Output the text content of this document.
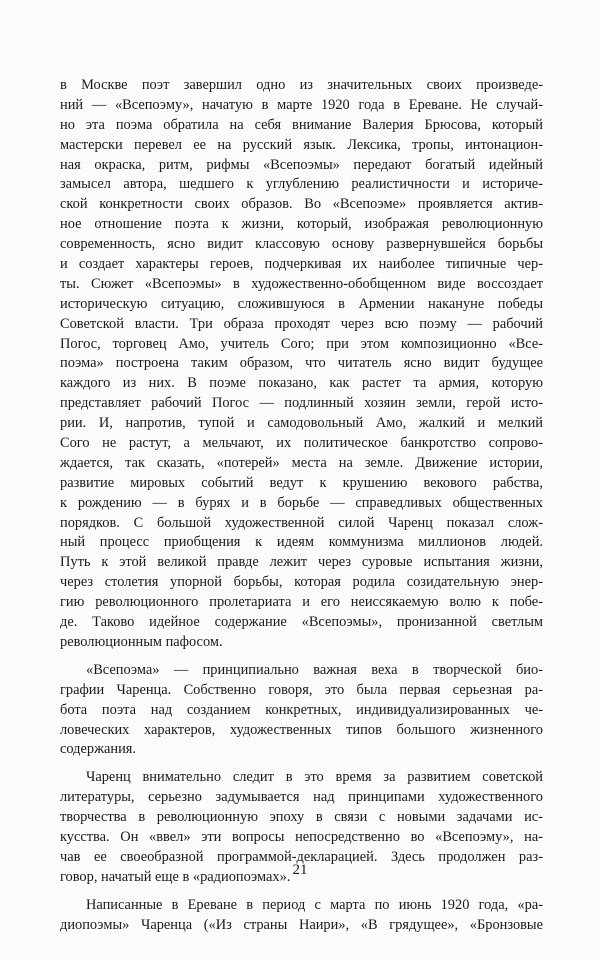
в Москве поэт завершил одно из значительных своих произведе-
ний — «Всепоэму», начатую в марте 1920 года в Ереване. Не случай-
но эта поэма обратила на себя внимание Валерия Брюсова, который
мастерски перевел ее на русский язык. Лексика, тропы, интонацион-
ная окраска, ритм, рифмы «Всепоэмы» передают богатый идейный
замысел автора, шедшего к углублению реалистичности и историче-
ской конкретности своих образов. Во «Всепоэме» проявляется актив-
ное отношение поэта к жизни, который, изображая революционную
современность, ясно видит классовую основу развернувшейся борьбы
и создает характеры героев, подчеркивая их наиболее типичные чер-
ты. Сюжет «Всепоэмы» в художественно-обобщенном виде воссоздает
историческую ситуацию, сложившуюся в Армении накануне победы
Советской власти. Три образа проходят через всю поэму — рабочий
Погос, торговец Амо, учитель Сого; при этом композиционно «Все-
поэма» построена таким образом, что читатель ясно видит будущее
каждого из них. В поэме показано, как растет та армия, которую
представляет рабочий Погос — подлинный хозяин земли, герой исто-
рии. И, напротив, тупой и самодовольный Амо, жалкий и мелкий
Сого не растут, а мельчают, их политическое банкротство сопрово-
ждается, так сказать, «потерей» места на земле. Движение истории,
развитие мировых событий ведут к крушению векового рабства,
к рождению — в бурях и в борьбе — справедливых общественных
порядков. С большой художественной силой Чаренц показал слож-
ный процесс приобщения к идеям коммунизма миллионов людей.
Путь к этой великой правде лежит через суровые испытания жизни,
через столетия упорной борьбы, которая родила созидательную энер-
гию революционного пролетариата и его неиссякаемую волю к побе-
де. Таково идейное содержание «Всепоэмы», пронизанной светлым
революционным пафосом.
«Всепоэма» — принципиально важная веха в творческой био-
графии Чаренца. Собственно говоря, это была первая серьезная ра-
бота поэта над созданием конкретных, индивидуализированных че-
ловеческих характеров, художественных типов большого жизненного
содержания.
Чаренц внимательно следит в это время за развитием советской
литературы, серьезно задумывается над принципами художественного
творчества в революционную эпоху в связи с новыми задачами ис-
кусства. Он «ввел» эти вопросы непосредственно во «Всепоэму», на-
чав ее своеобразной программой-декларацией. Здесь продолжен раз-
говор, начатый еще в «радиопоэмах».
Написанные в Ереване в период с марта по июнь 1920 года, «ра-
диопоэмы» Чаренца («Из страны Наири», «В грядущее», «Бронзовые
21
